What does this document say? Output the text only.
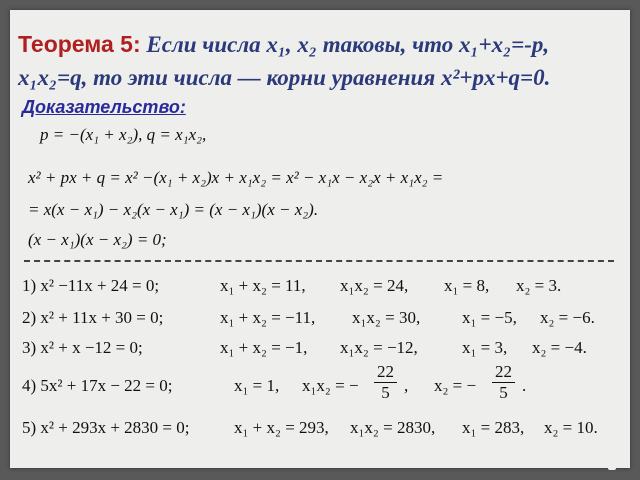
Теорема 5: Если числа x₁, x₂ таковы, что x₁+x₂=-p,
x₁x₂=q, то эти числа — корни уравнения x²+px+q=0.
Доказательство:
p = −(x₁ + x₂), q = x₁x₂,
x² + px + q = x² −(x₁ + x₂)x + x₁x₂ = x² − x₁x − x₂x + x₁x₂ =
= x(x − x₁) − x₂(x − x₁) = (x − x₁)(x − x₂).
(x − x₁)(x − x₂) = 0;
1) x² −11x + 24 = 0;	x₁ + x₂ = 11, x₁x₂ = 24, x₁ = 8, x₂ = 3.
2) x² + 11x + 30 = 0;	x₁ + x₂ = −11, x₁x₂ = 30, x₁ = −5, x₂ = −6.
3) x² + x −12 = 0;	x₁ + x₂ = −1, x₁x₂ = −12,	x₁ = 3, x₂ = −4.
4) 5x² + 17x − 22 = 0;	x₁ = 1, x₁x₂ = − $\frac{22}{5}$ , x₂ = − $\frac{22}{5}$ .
5) x² + 293x + 2830 = 0;	x₁ + x₂ = 293, x₁x₂ = 2830, x₁ = 283, x₂ = 10.
